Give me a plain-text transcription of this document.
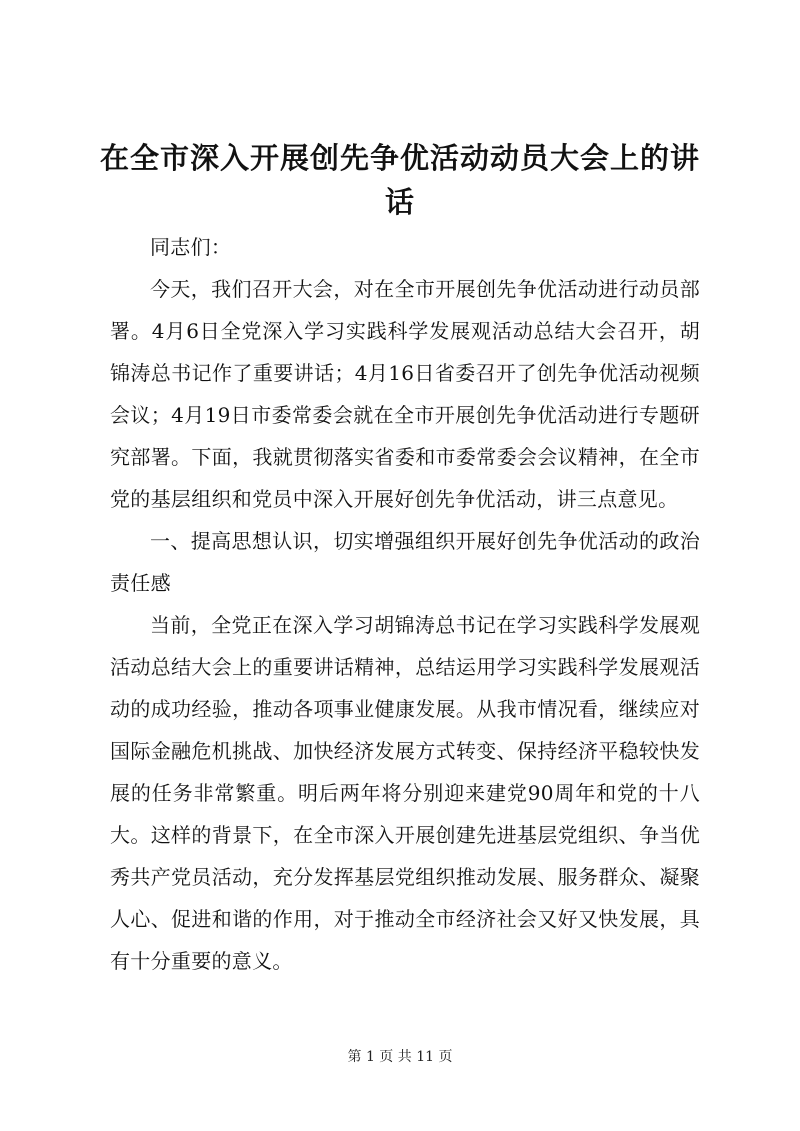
在全市深入开展创先争优活动动员大会上的讲话

同志们：

今天，我们召开大会，对在全市开展创先争优活动进行动员部署。4月6日全党深入学习实践科学发展观活动总结大会召开，胡锦涛总书记作了重要讲话；4月16日省委召开了创先争优活动视频会议；4月19日市委常委会就在全市开展创先争优活动进行专题研究部署。下面，我就贯彻落实省委和市委常委会会议精神，在全市党的基层组织和党员中深入开展好创先争优活动，讲三点意见。

一、提高思想认识，切实增强组织开展好创先争优活动的政治责任感

当前，全党正在深入学习胡锦涛总书记在学习实践科学发展观活动总结大会上的重要讲话精神，总结运用学习实践科学发展观活动的成功经验，推动各项事业健康发展。从我市情况看，继续应对国际金融危机挑战、加快经济发展方式转变、保持经济平稳较快发展的任务非常繁重。明后两年将分别迎来建党90周年和党的十八大。这样的背景下，在全市深入开展创建先进基层党组织、争当优秀共产党员活动，充分发挥基层党组织推动发展、服务群众、凝聚人心、促进和谐的作用，对于推动全市经济社会又好又快发展，具有十分重要的意义。

第 1 页 共 11 页
